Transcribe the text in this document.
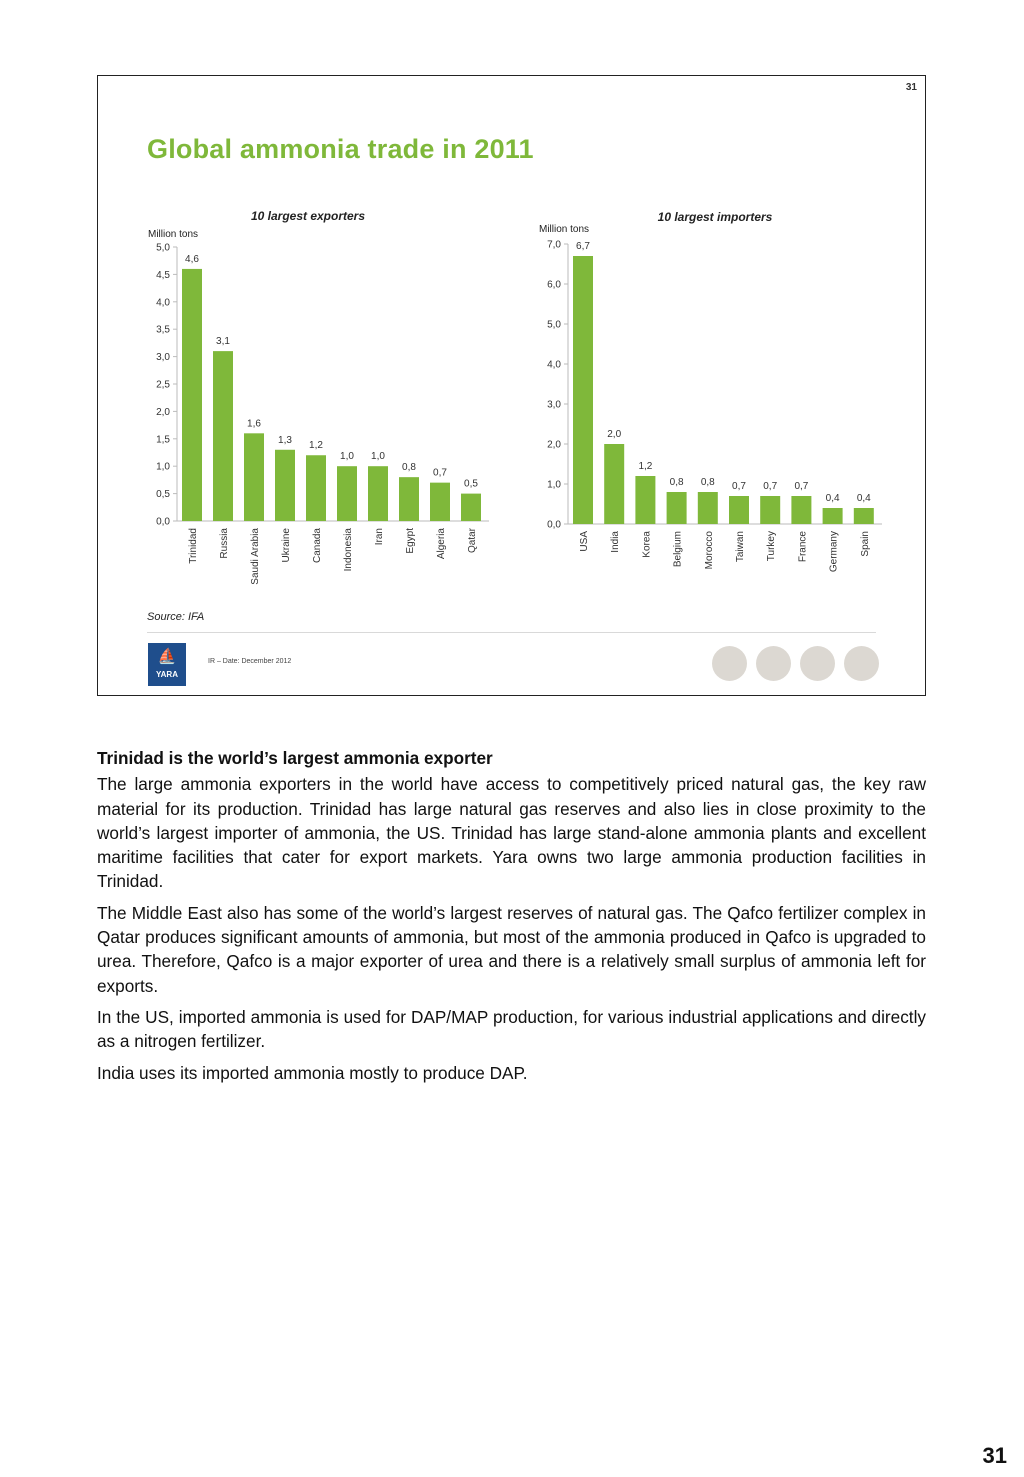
31
Global ammonia trade in 2011
10 largest exporters
Million tons
0,0
0,5
1,0
1,5
2,0
2,5
3,0
3,5
4,0
4,5
5,0
4,6
Trinidad
3,1
Russia
1,6
Saudi Arabia
1,3
Ukraine
1,2
Canada
1,0
Indonesia
1,0
Iran
0,8
Egypt
0,7
Algeria
0,5
Qatar
10 largest importers
Million tons
0,0
1,0
2,0
3,0
4,0
5,0
6,0
7,0 6,7
USA
2,0
India
1,2
Korea
0,8
Belgium
0,8
Morocco
0,7
Taiwan
0,7
Turkey
0,7
France
0,4
Germany
0,4
Spain
Source: IFA
⛵
YARA
IR – Date: December 2012
Trinidad is the world’s largest ammonia exporter

The large ammonia exporters in the world have access to competitively priced natural gas, the key raw material for its production. Trinidad has large natural gas reserves and also lies in close proximity to the world’s largest importer of ammonia, the US. Trinidad has large stand-alone ammonia plants and excellent maritime facilities that cater for export markets. Yara owns two large ammonia production facilities in Trinidad.

The Middle East also has some of the world’s largest reserves of natural gas. The Qafco fertilizer complex in Qatar produces significant amounts of ammonia, but most of the ammonia produced in Qafco is upgraded to urea. Therefore, Qafco is a major exporter of urea and there is a relatively small surplus of ammonia left for exports.

In the US, imported ammonia is used for DAP/MAP production, for various industrial applications and directly as a nitrogen fertilizer.

India uses its imported ammonia mostly to produce DAP.

31
